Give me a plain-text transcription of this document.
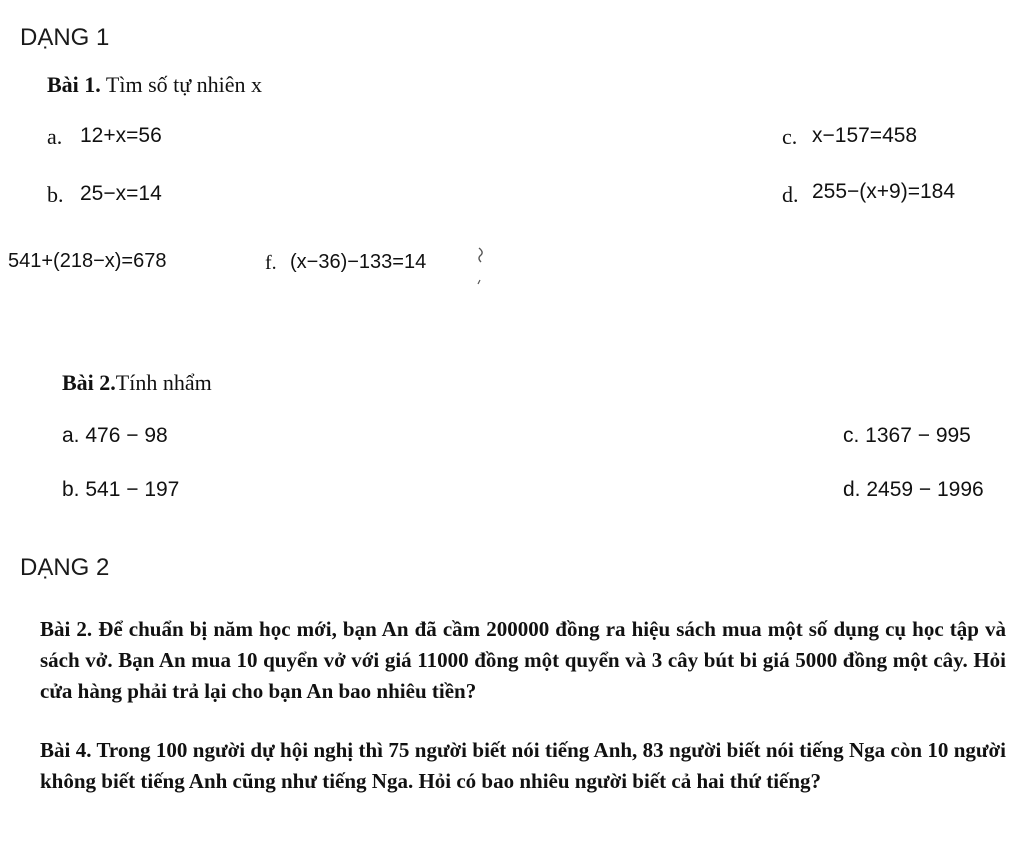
DẠNG 1
Bài 1. Tìm số tự nhiên x
a. 12+x=56	c. x−157=458
b. 25−x=14	d. 255−(x+9)=184
541+(218−x)=678	f. (x−36)−133=14
Bài 2.Tính nhẩm
a. 476 − 98	c. 1367 − 995
b. 541 − 197	d. 2459 − 1996
DẠNG 2
Bài 2. Để chuẩn bị năm học mới, bạn An đã cầm 200000 đồng ra hiệu sách mua một số dụng cụ học tập và sách vở. Bạn An mua 10 quyển vở với giá 11000 đồng một quyển và 3 cây bút bi giá 5000 đồng một cây. Hỏi cửa hàng phải trả lại cho bạn An bao nhiêu tiền?
Bài 4. Trong 100 người dự hội nghị thì 75 người biết nói tiếng Anh, 83 người biết nói tiếng Nga còn 10 người không biết tiếng Anh cũng như tiếng Nga. Hỏi có bao nhiêu người biết cả hai thứ tiếng?
